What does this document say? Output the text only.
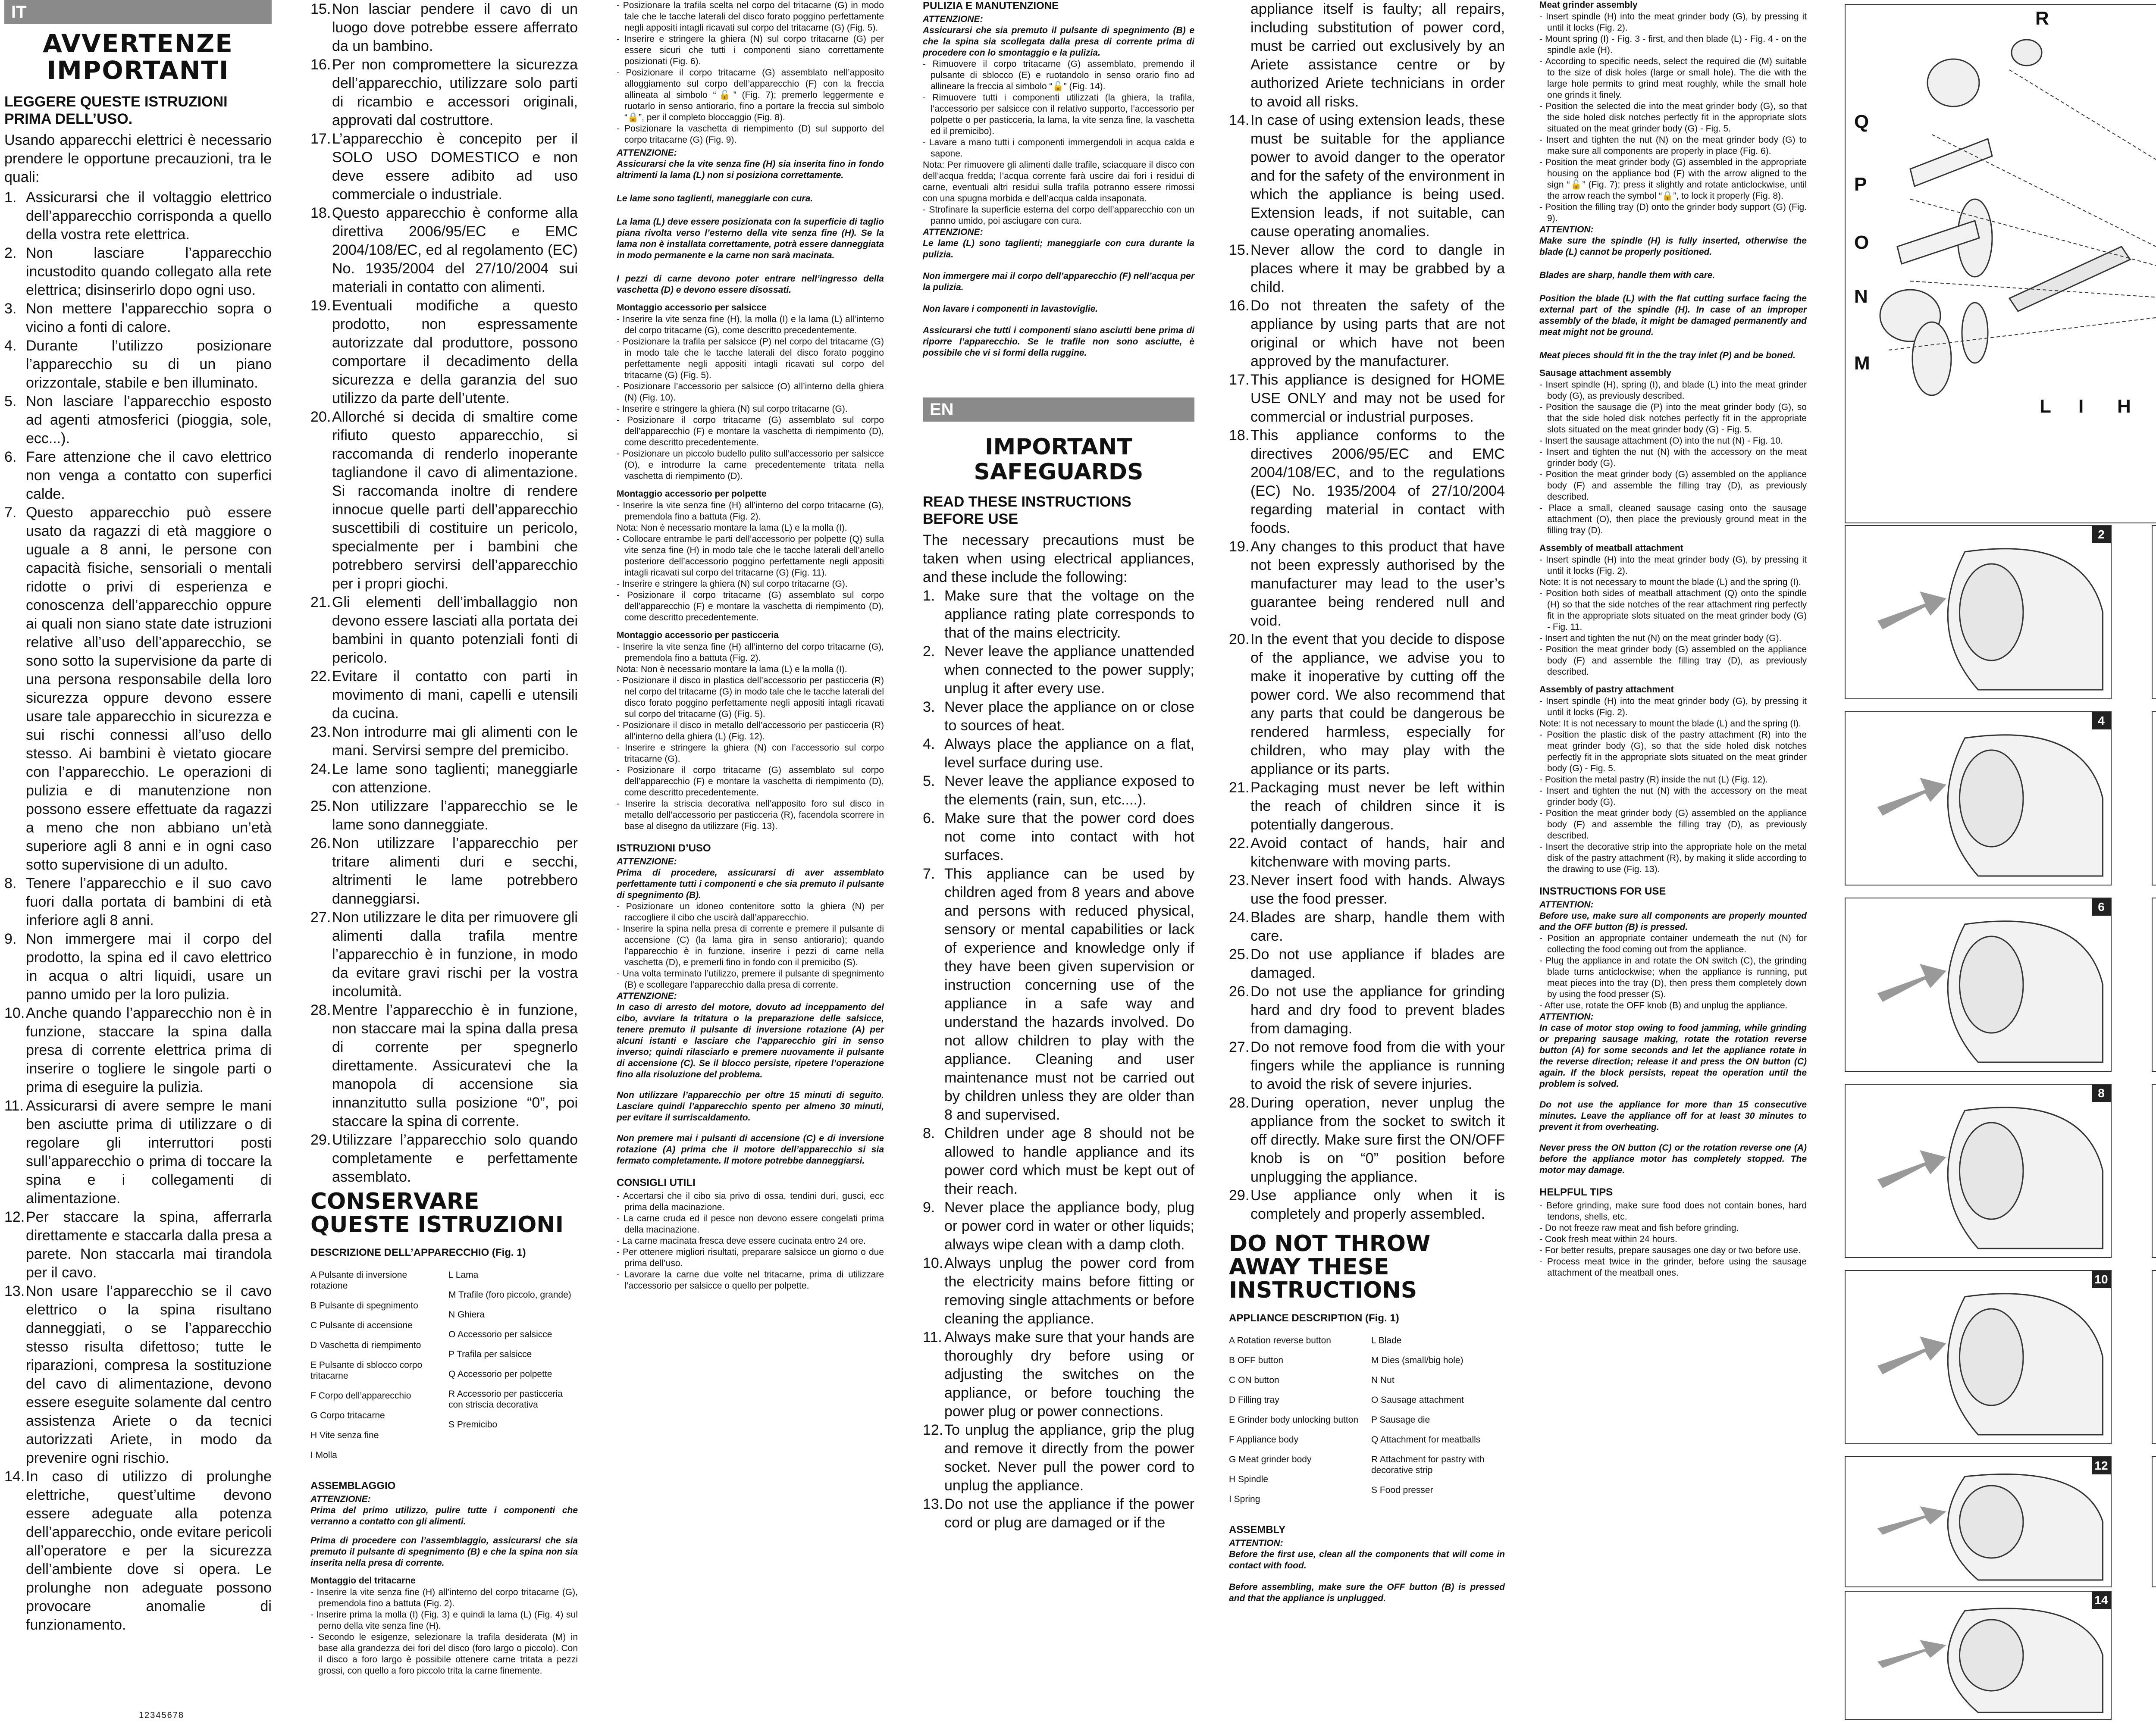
IT
AVVERTENZE IMPORTANTI
LEGGERE QUESTE ISTRUZIONI PRIMA DELL’USO.
Usando apparecchi elettrici è necessario prendere le opportune precauzioni, tra le quali:
1. Assicurarsi che il voltaggio elettrico dell’apparecchio corrisponda a quello della vostra rete elettrica.
2. Non lasciare l’apparecchio incustodito quando collegato alla rete elettrica; disinserirlo dopo ogni uso.
3. Non mettere l’apparecchio sopra o vicino a fonti di calore.
4. Durante l’utilizzo posizionare l’apparecchio su di un piano orizzontale, stabile e ben illuminato.
5. Non lasciare l’apparecchio esposto ad agenti atmosferici (pioggia, sole, ecc...).
6. Fare attenzione che il cavo elettrico non venga a contatto con superfici calde.
7. Questo apparecchio può essere usato da ragazzi di età maggiore o uguale a 8 anni, le persone con capacità fisiche, sensoriali o mentali ridotte o privi di esperienza e conoscenza dell’apparecchio oppure ai quali non siano state date istruzioni relative all’uso dell’apparecchio, se sono sotto la supervisione da parte di una persona responsabile della loro sicurezza oppure devono essere usare tale apparecchio in sicurezza e sui rischi connessi all’uso dello stesso. Ai bambini è vietato giocare con l’apparecchio. Le operazioni di pulizia e di manutenzione non possono essere effettuate da ragazzi a meno che non abbiano un’età superiore agli 8 anni e in ogni caso sotto supervisione di un adulto.
8. Tenere l’apparecchio e il suo cavo fuori dalla portata di bambini di età inferiore agli 8 anni.
9. Non immergere mai il corpo del prodotto, la spina ed il cavo elettrico in acqua o altri liquidi, usare un panno umido per la loro pulizia.
10. Anche quando l’apparecchio non è in funzione, staccare la spina dalla presa di corrente elettrica prima di inserire o togliere le singole parti o prima di eseguire la pulizia.
11. Assicurarsi di avere sempre le mani ben asciutte prima di utilizzare o di regolare gli interruttori posti sull’apparecchio o prima di toccare la spina e i collegamenti di alimentazione.
12. Per staccare la spina, afferrarla direttamente e staccarla dalla presa a parete. Non staccarla mai tirandola per il cavo.
13. Non usare l’apparecchio se il cavo elettrico o la spina risultano danneggiati, o se l’apparecchio stesso risulta difettoso; tutte le riparazioni, compresa la sostituzione del cavo di alimentazione, devono essere eseguite solamente dal centro assistenza Ariete o da tecnici autorizzati Ariete, in modo da prevenire ogni rischio.
14. In caso di utilizzo di prolunghe elettriche, quest’ultime devono essere adeguate alla potenza dell’apparecchio, onde evitare pericoli all’operatore e per la sicurezza dell’ambiente dove si opera. Le prolunghe non adeguate possono provocare anomalie di funzionamento.
15. Non lasciar pendere il cavo di un luogo dove potrebbe essere afferrato da un bambino.
16. Per non compromettere la sicurezza dell’apparecchio, utilizzare solo parti di ricambio e accessori originali, approvati dal costruttore.
17. L’apparecchio è concepito per il SOLO USO DOMESTICO e non deve essere adibito ad uso commerciale o industriale.
18. Questo apparecchio è conforme alla direttiva 2006/95/EC e EMC 2004/108/EC, ed al regolamento (EC) No. 1935/2004 del 27/10/2004 sui materiali in contatto con alimenti.
19. Eventuali modifiche a questo prodotto, non espressamente autorizzate dal produttore, possono comportare il decadimento della sicurezza e della garanzia del suo utilizzo da parte dell’utente.
20. Allorché si decida di smaltire come rifiuto questo apparecchio, si raccomanda di renderlo inoperante tagliandone il cavo di alimentazione. Si raccomanda inoltre di rendere innocue quelle parti dell’apparecchio suscettibili di costituire un pericolo, specialmente per i bambini che potrebbero servirsi dell’apparecchio per i propri giochi.
21. Gli elementi dell’imballaggio non devono essere lasciati alla portata dei bambini in quanto potenziali fonti di pericolo.
22. Evitare il contatto con parti in movimento di mani, capelli e utensili da cucina.
23. Non introdurre mai gli alimenti con le mani. Servirsi sempre del premicibo.
24. Le lame sono taglienti; maneggiarle con attenzione.
25. Non utilizzare l’apparecchio se le lame sono danneggiate.
26. Non utilizzare l’apparecchio per tritare alimenti duri e secchi, altrimenti le lame potrebbero danneggiarsi.
27. Non utilizzare le dita per rimuovere gli alimenti dalla trafila mentre l’apparecchio è in funzione, in modo da evitare gravi rischi per la vostra incolumità.
28. Mentre l’apparecchio è in funzione, non staccare mai la spina dalla presa di corrente per spegnerlo direttamente. Assicuratevi che la manopola di accensione sia innanzitutto sulla posizione “0”, poi staccare la spina di corrente.
29. Utilizzare l’apparecchio solo quando completamente e perfettamente assemblato.
CONSERVARE QUESTE ISTRUZIONI
DESCRIZIONE DELL’APPARECCHIO (Fig. 1)

A Pulsante di inversione rotazione

B Pulsante di spegnimento

C Pulsante di accensione

D Vaschetta di riempimento

E Pulsante di sblocco corpo tritacarne

F Corpo dell’apparecchio

G Corpo tritacarne

H Vite senza fine

I Molla

L Lama

M Trafile (foro piccolo, grande)

N Ghiera

O Accessorio per salsicce

P Trafila per salsicce

Q Accessorio per polpette

R Accessorio per pasticceria con striscia decorativa

S Premicibo

ASSEMBLAGGIO

ATTENZIONE:

Prima del primo utilizzo, pulire tutte i componenti che verranno a contatto con gli alimenti.

Prima di procedere con l’assemblaggio, assicurarsi che sia premuto il pulsante di spegnimento (B) e che la spina non sia inserita nella presa di corrente.

Montaggio del tritacarne

- Inserire la vite senza fine (H) all’interno del corpo tritacarne (G), premendola fino a battuta (Fig. 2).

- Inserire prima la molla (I) (Fig. 3) e quindi la lama (L) (Fig. 4) sul perno della vite senza fine (H).

- Secondo le esigenze, selezionare la trafila desiderata (M) in base alla grandezza dei fori del disco (foro largo o piccolo). Con il disco a foro largo è possibile ottenere carne tritata a pezzi grossi, con quello a foro piccolo trita la carne finemente.

- Posizionare la trafila scelta nel corpo del tritacarne (G) in modo tale che le tacche laterali del disco forato poggino perfettamente negli appositi intagli ricavati sul corpo del tritacarne (G) (Fig. 5).

- Inserire e stringere la ghiera (N) sul corpo tritacarne (G) per essere sicuri che tutti i componenti siano correttamente posizionati (Fig. 6).

- Posizionare il corpo tritacarne (G) assemblato nell’apposito alloggiamento sul corpo dell’apparecchio (F) con la freccia allineata al simbolo “🔓” (Fig. 7); premerlo leggermente e ruotarlo in senso antiorario, fino a portare la freccia sul simbolo “🔒”, per il completo bloccaggio (Fig. 8).

- Posizionare la vaschetta di riempimento (D) sul supporto del corpo tritacarne (G) (Fig. 9).

ATTENZIONE:

Assicurarsi che la vite senza fine (H) sia inserita fino in fondo altrimenti la lama (L) non si posiziona correttamente.

Le lame sono taglienti, maneggiarle con cura.

La lama (L) deve essere posizionata con la superficie di taglio piana rivolta verso l’esterno della vite senza fine (H). Se la lama non è installata correttamente, potrà essere danneggiata in modo permanente e la carne non sarà macinata.

I pezzi di carne devono poter entrare nell’ingresso della vaschetta (D) e devono essere disossati.

Montaggio accessorio per salsicce

- Inserire la vite senza fine (H), la molla (I) e la lama (L) all’interno del corpo tritacarne (G), come descritto precedentemente.

- Posizionare la trafila per salsicce (P) nel corpo del tritacarne (G) in modo tale che le tacche laterali del disco forato poggino perfettamente negli appositi intagli ricavati sul corpo del tritacarne (G) (Fig. 5).

- Posizionare l’accessorio per salsicce (O) all’interno della ghiera (N) (Fig. 10).

- Inserire e stringere la ghiera (N) sul corpo tritacarne (G).

- Posizionare il corpo tritacarne (G) assemblato sul corpo dell’apparecchio (F) e montare la vaschetta di riempimento (D), come descritto precedentemente.

- Posizionare un piccolo budello pulito sull’accessorio per salsicce (O), e introdurre la carne precedentemente tritata nella vaschetta di riempimento (D).

Montaggio accessorio per polpette

- Inserire la vite senza fine (H) all’interno del corpo tritacarne (G), premendola fino a battuta (Fig. 2).

Nota: Non è necessario montare la lama (L) e la molla (I).

- Collocare entrambe le parti dell’accessorio per polpette (Q) sulla vite senza fine (H) in modo tale che le tacche laterali dell’anello posteriore dell’accessorio poggino perfettamente negli appositi intagli ricavati sul corpo del tritacarne (G) (Fig. 11).

- Inserire e stringere la ghiera (N) sul corpo tritacarne (G).

- Posizionare il corpo tritacarne (G) assemblato sul corpo dell’apparecchio (F) e montare la vaschetta di riempimento (D), come descritto precedentemente.

Montaggio accessorio per pasticceria

- Inserire la vite senza fine (H) all’interno del corpo tritacarne (G), premendola fino a battuta (Fig. 2).

Nota: Non è necessario montare la lama (L) e la molla (I).

- Posizionare il disco in plastica dell’accessorio per pasticceria (R) nel corpo del tritacarne (G) in modo tale che le tacche laterali del disco forato poggino perfettamente negli appositi intagli ricavati sul corpo del tritacarne (G) (Fig. 5).

- Posizionare il disco in metallo dell’accessorio per pasticceria (R) all’interno della ghiera (L) (Fig. 12).

- Inserire e stringere la ghiera (N) con l’accessorio sul corpo tritacarne (G).

- Posizionare il corpo tritacarne (G) assemblato sul corpo dell’apparecchio (F) e montare la vaschetta di riempimento (D), come descritto precedentemente.

- Inserire la striscia decorativa nell’apposito foro sul disco in metallo dell’accessorio per pasticceria (R), facendola scorrere in base al disegno da utilizzare (Fig. 13).

ISTRUZIONI D’USO

ATTENZIONE:

Prima di procedere, assicurarsi di aver assemblato perfettamente tutti i componenti e che sia premuto il pulsante di spegnimento (B).

- Posizionare un idoneo contenitore sotto la ghiera (N) per raccogliere il cibo che uscirà dall’apparecchio.

- Inserire la spina nella presa di corrente e premere il pulsante di accensione (C) (la lama gira in senso antiorario); quando l’apparecchio è in funzione, inserire i pezzi di carne nella vaschetta (D), e premerli fino in fondo con il premicibo (S).

- Una volta terminato l’utilizzo, premere il pulsante di spegnimento (B) e scollegare l’apparecchio dalla presa di corrente.

ATTENZIONE:

In caso di arresto del motore, dovuto ad inceppamento del cibo, avviare la tritatura o la preparazione delle salsicce, tenere premuto il pulsante di inversione rotazione (A) per alcuni istanti e lasciare che l’apparecchio giri in senso inverso; quindi rilasciarlo e premere nuovamente il pulsante di accensione (C). Se il blocco persiste, ripetere l’operazione fino alla risoluzione del problema.

Non utilizzare l’apparecchio per oltre 15 minuti di seguito. Lasciare quindi l’apparecchio spento per almeno 30 minuti, per evitare il surriscaldamento.

Non premere mai i pulsanti di accensione (C) e di inversione rotazione (A) prima che il motore dell’apparecchio si sia fermato completamente. Il motore potrebbe danneggiarsi.

CONSIGLI UTILI

- Accertarsi che il cibo sia privo di ossa, tendini duri, gusci, ecc prima della macinazione.

- La carne cruda ed il pesce non devono essere congelati prima della macinazione.

- La carne macinata fresca deve essere cucinata entro 24 ore.

- Per ottenere migliori risultati, preparare salsicce un giorno o due prima dell’uso.

- Lavorare la carne due volte nel tritacarne, prima di utilizzare l’accessorio per salsicce o quello per polpette.

PULIZIA E MANUTENZIONE

ATTENZIONE:

Assicurarsi che sia premuto il pulsante di spegnimento (B) e che la spina sia scollegata dalla presa di corrente prima di procedere con lo smontaggio e la pulizia.

- Rimuovere il corpo tritacarne (G) assemblato, premendo il pulsante di sblocco (E) e ruotandolo in senso orario fino ad allineare la freccia al simbolo “🔓” (Fig. 14).

- Rimuovere tutti i componenti utilizzati (la ghiera, la trafila, l’accessorio per salsicce con il relativo supporto, l’accessorio per polpette o per pasticceria, la lama, la vite senza fine, la vaschetta ed il premicibo).

- Lavare a mano tutti i componenti immergendoli in acqua calda e sapone.

Nota: Per rimuovere gli alimenti dalle trafile, sciacquare il disco con dell’acqua fredda; l’acqua corrente farà uscire dai fori i residui di carne, eventuali altri residui sulla trafila potranno essere rimossi con una spugna morbida e dell’acqua calda insaponata.

- Strofinare la superficie esterna del corpo dell’apparecchio con un panno umido, poi asciugare con cura.

ATTENZIONE:

Le lame (L) sono taglienti; maneggiarle con cura durante la pulizia.

Non immergere mai il corpo dell’apparecchio (F) nell’acqua per la pulizia.

Non lavare i componenti in lavastoviglie.

Assicurarsi che tutti i componenti siano asciutti bene prima di riporre l’apparecchio. Se le trafile non sono asciutte, è possibile che vi si formi della ruggine.

EN
IMPORTANT SAFEGUARDS
READ THESE INSTRUCTIONS BEFORE USE
The necessary precautions must be taken when using electrical appliances, and these include the following:
1. Make sure that the voltage on the appliance rating plate corresponds to that of the mains electricity.
2. Never leave the appliance unattended when connected to the power supply; unplug it after every use.
3. Never place the appliance on or close to sources of heat.
4. Always place the appliance on a flat, level surface during use.
5. Never leave the appliance exposed to the elements (rain, sun, etc....).
6. Make sure that the power cord does not come into contact with hot surfaces.
7. This appliance can be used by children aged from 8 years and above and persons with reduced physical, sensory or mental capabilities or lack of experience and knowledge only if they have been given supervision or instruction concerning use of the appliance in a safe way and understand the hazards involved. Do not allow children to play with the appliance. Cleaning and user maintenance must not be carried out by children unless they are older than 8 and supervised.
8. Children under age 8 should not be allowed to handle appliance and its power cord which must be kept out of their reach.
9. Never place the appliance body, plug or power cord in water or other liquids; always wipe clean with a damp cloth.
10. Always unplug the power cord from the electricity mains before fitting or removing single attachments or before cleaning the appliance.
11. Always make sure that your hands are thoroughly dry before using or adjusting the switches on the appliance, or before touching the power plug or power connections.
12. To unplug the appliance, grip the plug and remove it directly from the power socket. Never pull the power cord to unplug the appliance.
13. Do not use the appliance if the power cord or plug are damaged or if the
appliance itself is faulty; all repairs, including substitution of power cord, must be carried out exclusively by an Ariete assistance centre or by authorized Ariete technicians in order to avoid all risks.
14. In case of using extension leads, these must be suitable for the appliance power to avoid danger to the operator and for the safety of the environment in which the appliance is being used. Extension leads, if not suitable, can cause operating anomalies.
15. Never allow the cord to dangle in places where it may be grabbed by a child.
16. Do not threaten the safety of the appliance by using parts that are not original or which have not been approved by the manufacturer.
17. This appliance is designed for HOME USE ONLY and may not be used for commercial or industrial purposes.
18. This appliance conforms to the directives 2006/95/EC and EMC 2004/108/EC, and to the regulations (EC) No. 1935/2004 of 27/10/2004 regarding material in contact with foods.
19. Any changes to this product that have not been expressly authorised by the manufacturer may lead to the user’s guarantee being rendered null and void.
20. In the event that you decide to dispose of the appliance, we advise you to make it inoperative by cutting off the power cord. We also recommend that any parts that could be dangerous be rendered harmless, especially for children, who may play with the appliance or its parts.
21. Packaging must never be left within the reach of children since it is potentially dangerous.
22. Avoid contact of hands, hair and kitchenware with moving parts.
23. Never insert food with hands. Always use the food presser.
24. Blades are sharp, handle them with care.
25. Do not use appliance if blades are damaged.
26. Do not use the appliance for grinding hard and dry food to prevent blades from damaging.
27. Do not remove food from die with your fingers while the appliance is running to avoid the risk of severe injuries.
28. During operation, never unplug the appliance from the socket to switch it off directly. Make sure first the ON/OFF knob is on “0” position before unplugging the appliance.
29. Use appliance only when it is completely and properly assembled.
DO NOT THROW AWAY THESE INSTRUCTIONS
APPLIANCE DESCRIPTION (Fig. 1)

A Rotation reverse button

B OFF button

C ON button

D Filling tray

E Grinder body unlocking button

F Appliance body

G Meat grinder body

H Spindle

I Spring

L Blade

M Dies (small/big hole)

N Nut

O Sausage attachment

P Sausage die

Q Attachment for meatballs

R Attachment for pastry with decorative strip

S Food presser

ASSEMBLY

ATTENTION:

Before the first use, clean all the components that will come in contact with food.

Before assembling, make sure the OFF button (B) is pressed and that the appliance is unplugged.

Meat grinder assembly

- Insert spindle (H) into the meat grinder body (G), by pressing it until it locks (Fig. 2).

- Mount spring (I) - Fig. 3 - first, and then blade (L) - Fig. 4 - on the spindle axle (H).

- According to specific needs, select the required die (M) suitable to the size of disk holes (large or small hole). The die with the large hole permits to grind meat roughly, while the small hole one grinds it finely.

- Position the selected die into the meat grinder body (G), so that the side holed disk notches perfectly fit in the appropriate slots situated on the meat grinder body (G) - Fig. 5.

- Insert and tighten the nut (N) on the meat grinder body (G) to make sure all components are properly in place (Fig. 6).

- Position the meat grinder body (G) assembled in the appropriate housing on the appliance bod (F) with the arrow aligned to the sign “🔓” (Fig. 7); press it slightly and rotate anticlockwise, until the arrow reach the symbol “🔒”, to lock it properly (Fig. 8).

- Position the filling tray (D) onto the grinder body support (G) (Fig. 9).

ATTENTION:

Make sure the spindle (H) is fully inserted, otherwise the blade (L) cannot be properly positioned.

Blades are sharp, handle them with care.

Position the blade (L) with the flat cutting surface facing the external part of the spindle (H). In case of an improper assembly of the blade, it might be damaged permanently and meat might not be ground.

Meat pieces should fit in the the tray inlet (P) and be boned.

Sausage attachment assembly

- Insert spindle (H), spring (I), and blade (L) into the meat grinder body (G), as previously described.

- Position the sausage die (P) into the meat grinder body (G), so that the side holed disk notches perfectly fit in the appropriate slots situated on the meat grinder body (G) - Fig. 5.

- Insert the sausage attachment (O) into the nut (N) - Fig. 10.

- Insert and tighten the nut (N) with the accessory on the meat grinder body (G).

- Position the meat grinder body (G) assembled on the appliance body (F) and assemble the filling tray (D), as previously described.

- Place a small, cleaned sausage casing onto the sausage attachment (O), then place the previously ground meat in the filling tray (D).

Assembly of meatball attachment

- Insert spindle (H) into the meat grinder body (G), by pressing it until it locks (Fig. 2).

Note: It is not necessary to mount the blade (L) and the spring (I).

- Position both sides of meatball attachment (Q) onto the spindle (H) so that the side notches of the rear attachment ring perfectly fit in the appropriate slots situated on the meat grinder body (G) - Fig. 11.

- Insert and tighten the nut (N) on the meat grinder body (G).

- Position the meat grinder body (G) assembled on the appliance body (F) and assemble the filling tray (D), as previously described.

Assembly of pastry attachment

- Insert spindle (H) into the meat grinder body (G), by pressing it until it locks (Fig. 2).

Note: It is not necessary to mount the blade (L) and the spring (I).

- Position the plastic disk of the pastry attachment (R) into the meat grinder body (G), so that the side holed disk notches perfectly fit in the appropriate slots situated on the meat grinder body (G) - Fig. 5.

- Position the metal pastry (R) inside the nut (L) (Fig. 12).

- Insert and tighten the nut (N) with the accessory on the meat grinder body (G).

- Position the meat grinder body (G) assembled on the appliance body (F) and assemble the filling tray (D), as previously described.

- Insert the decorative strip into the appropriate hole on the metal disk of the pastry attachment (R), by making it slide according to the drawing to use (Fig. 13).

INSTRUCTIONS FOR USE

ATTENTION:

Before use, make sure all components are properly mounted and the OFF button (B) is pressed.

- Position an appropriate container underneath the nut (N) for collecting the food coming out from the appliance.

- Plug the appliance in and rotate the ON switch (C), the grinding blade turns anticlockwise; when the appliance is running, put meat pieces into the tray (D), then press them completely down by using the food presser (S).

- After use, rotate the OFF knob (B) and unplug the appliance.

ATTENTION:

In case of motor stop owing to food jamming, while grinding or preparing sausage making, rotate the rotation reverse button (A) for some seconds and let the appliance rotate in the reverse direction; release it and press the ON button (C) again. If the block persists, repeat the operation until the problem is solved.

Do not use the appliance for more than 15 consecutive minutes. Leave the appliance off for at least 30 minutes to prevent it from overheating.

Never press the ON button (C) or the rotation reverse one (A) before the appliance motor has completely stopped. The motor may damage.

HELPFUL TIPS

- Before grinding, make sure food does not contain bones, hard tendons, shells, etc.

- Do not freeze raw meat and fish before grinding.

- Cook fresh meat within 24 hours.

- For better results, prepare sausages one day or two before use.

- Process meat twice in the grinder, before using the sausage attachment of the meatball ones.

R
Q
P
O
N
M
L I H
2
4
6
8
10
12
14
12345678
